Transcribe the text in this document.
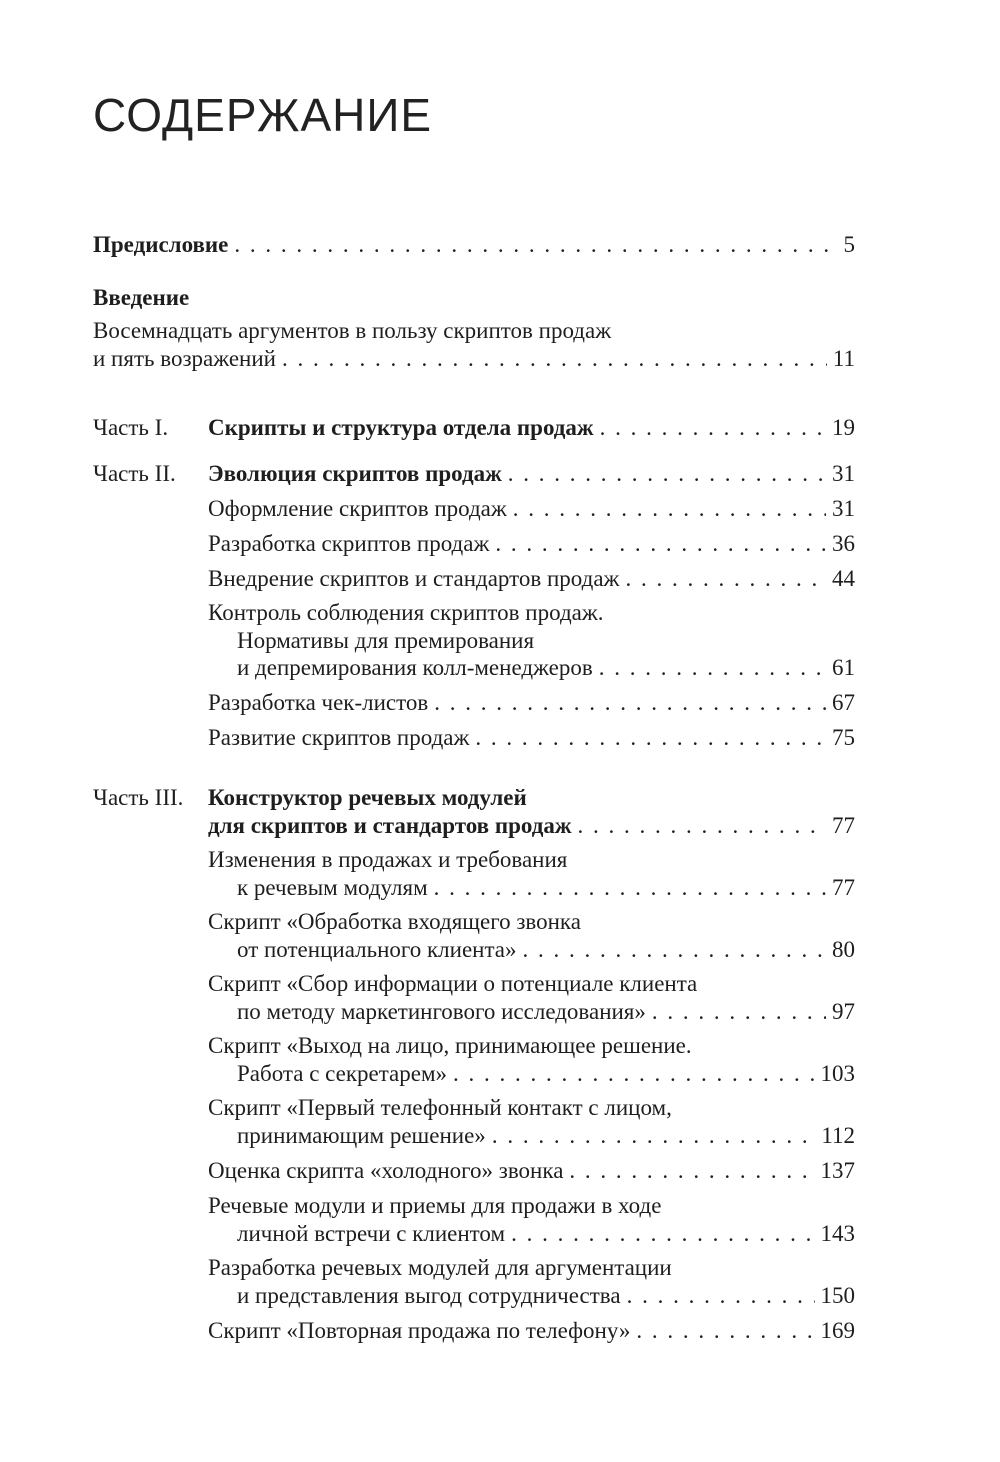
СОДЕРЖАНИЕ
Предисловие . . .	5
Введение
Восемнадцать аргументов в пользу скриптов продаж
и пять возражений . . .	11
Часть I. Скрипты и структура отдела продаж . . .	19
Часть II. Эволюция скриптов продаж . . .	31
Оформление скриптов продаж . . .	31
Разработка скриптов продаж . . .	36
Внедрение скриптов и стандартов продаж . . .	44
Контроль соблюдения скриптов продаж.
Нормативы для премирования
и депремирования колл-менеджеров . . .	61
Разработка чек-листов . . .	67
Развитие скриптов продаж . . .	75
Часть III. Конструктор речевых модулей
для скриптов и стандартов продаж . . .	77
Изменения в продажах и требования
к речевым модулям . . .	77
Скрипт «Обработка входящего звонка
от потенциального клиента» . . .	80
Скрипт «Сбор информации о потенциале клиента
по методу маркетингового исследования» . . .	97
Скрипт «Выход на лицо, принимающее решение.
Работа с секретарем» . . .	103
Скрипт «Первый телефонный контакт с лицом,
принимающим решение» . . .	112
Оценка скрипта «холодного» звонка . . .	137
Речевые модули и приемы для продажи в ходе
личной встречи с клиентом . . .	143
Разработка речевых модулей для аргументации
и представления выгод сотрудничества . . .	150
Скрипт «Повторная продажа по телефону» . . .	169
